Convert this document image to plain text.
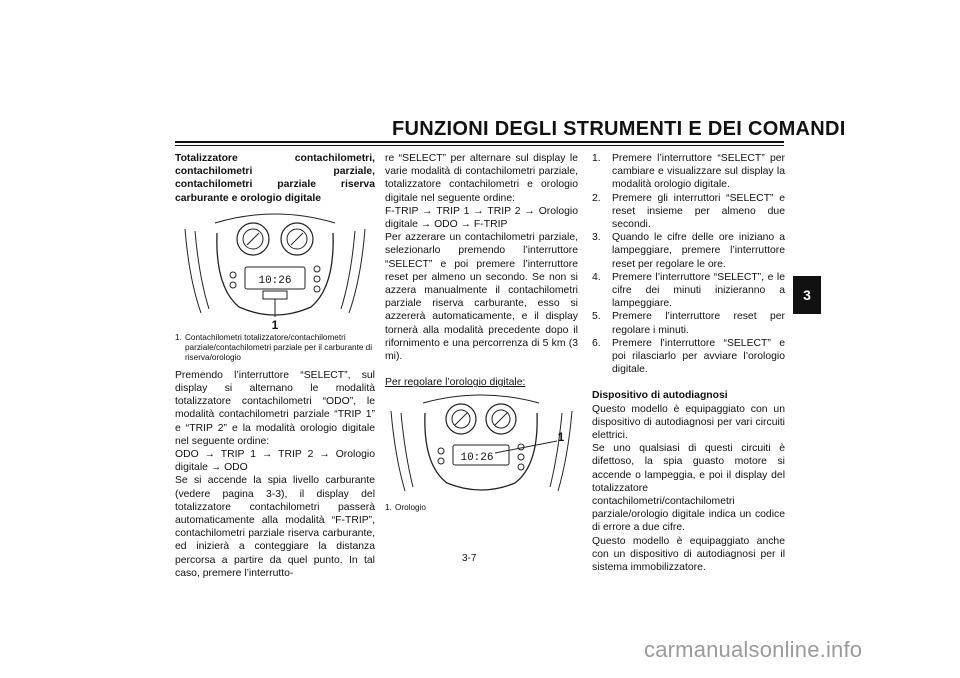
FUNZIONI DEGLI STRUMENTI E DEI COMANDI
3

Totalizzatore contachilometri, contachilometri parziale, contachilometri parziale riserva carburante e orologio digitale

10:26
1
1. Contachilometri totalizzatore/contachilometri parziale/contachilometri parziale per il carburante di riserva/orologio

Premendo l’interruttore “SELECT”, sul display si alternano le modalità totalizzatore contachilometri “ODO”, le modalità contachilometri parziale “TRIP 1” e “TRIP 2” e la modalità orologio digitale nel seguente ordine:

ODO → TRIP 1 → TRIP 2 → Orologio digitale → ODO

Se si accende la spia livello carburante (vedere pagina 3-3), il display del totalizzatore contachilometri passerà automaticamente alla modalità “F-TRIP”, contachilometri parziale riserva carburante, ed inizierà a conteggiare la distanza percorsa a partire da quel punto. In tal caso, premere l’interrutto-

re “SELECT” per alternare sul display le varie modalità di contachilometri parziale, totalizzatore contachilometri e orologio digitale nel seguente ordine:

F-TRIP → TRIP 1 → TRIP 2 → Orologio digitale → ODO → F-TRIP

Per azzerare un contachilometri parziale, selezionarlo premendo l’interruttore “SELECT” e poi premere l’interruttore reset per almeno un secondo. Se non si azzera manualmente il contachilometri parziale riserva carburante, esso si azzererà automaticamente, e il display tornerà alla modalità precedente dopo il rifornimento e una percorrenza di 5 km (3 mi).

Per regolare l’orologio digitale:

10:26
1
1. Orologio
1.	Premere l’interruttore “SELECT” per cambiare e visualizzare sul display la modalità orologio digitale.
2.	Premere gli interruttori “SELECT” e reset insieme per almeno due secondi.
3.	Quando le cifre delle ore iniziano a lampeggiare, premere l’interruttore reset per regolare le ore.
4.	Premere l’interruttore “SELECT”, e le cifre dei minuti inizieranno a lampeggiare.
5.	Premere l’interruttore reset per regolare i minuti.
6.	Premere l’interruttore “SELECT” e poi rilasciarlo per avviare l’orologio digitale.

Dispositivo di autodiagnosi

Questo modello è equipaggiato con un dispositivo di autodiagnosi per vari circuiti elettrici.

Se uno qualsiasi di questi circuiti è difettoso, la spia guasto motore si accende o lampeggia, e poi il display del totalizzatore contachilometri/contachilometri parziale/orologio digitale indica un codice di errore a due cifre.

Questo modello è equipaggiato anche con un dispositivo di autodiagnosi per il sistema immobilizzatore.

3-7
carmanualsonline.info
